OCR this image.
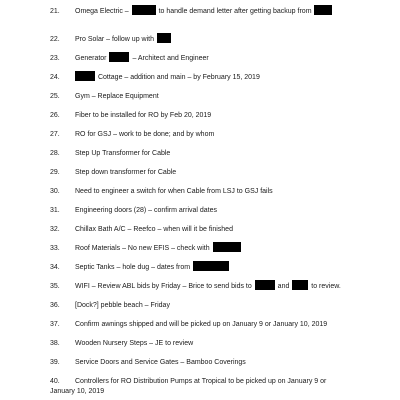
21.	Omega Electric –	to handle demand letter after getting backup from
22.	Pro Solar – follow up with
23.	Generator	– Architect and Engineer
24.	Cottage – addition and main – by February 15, 2019
25.	Gym – Replace Equipment
26.	Fiber to be installed for RO by Feb 20, 2019
27.	RO for GSJ – work to be done; and by whom
28.	Step Up Transformer for Cable
29.	Step down transformer for Cable
30.	Need to engineer a switch for when Cable from LSJ to GSJ fails
31.	Engineering doors (28) – confirm arrival dates
32.	Chillax Bath A/C – Reefco – when will it be finished
33.	Roof Materials – No new EFIS – check with
34.	Septic Tanks – hole dug – dates from
35.	WIFI – Review ABL bids by Friday – Brice to send bids to	and	to review.
36.	[Dock?] pebble beach – Friday
37.	Confirm awnings shipped and will be picked up on January 9 or January 10, 2019
38.	Wooden Nursery Steps – JE to review
39.	Service Doors and Service Gates – Bamboo Coverings
40.	Controllers for RO Distribution Pumps at Tropical to be picked up on January 9 or
January 10, 2019
